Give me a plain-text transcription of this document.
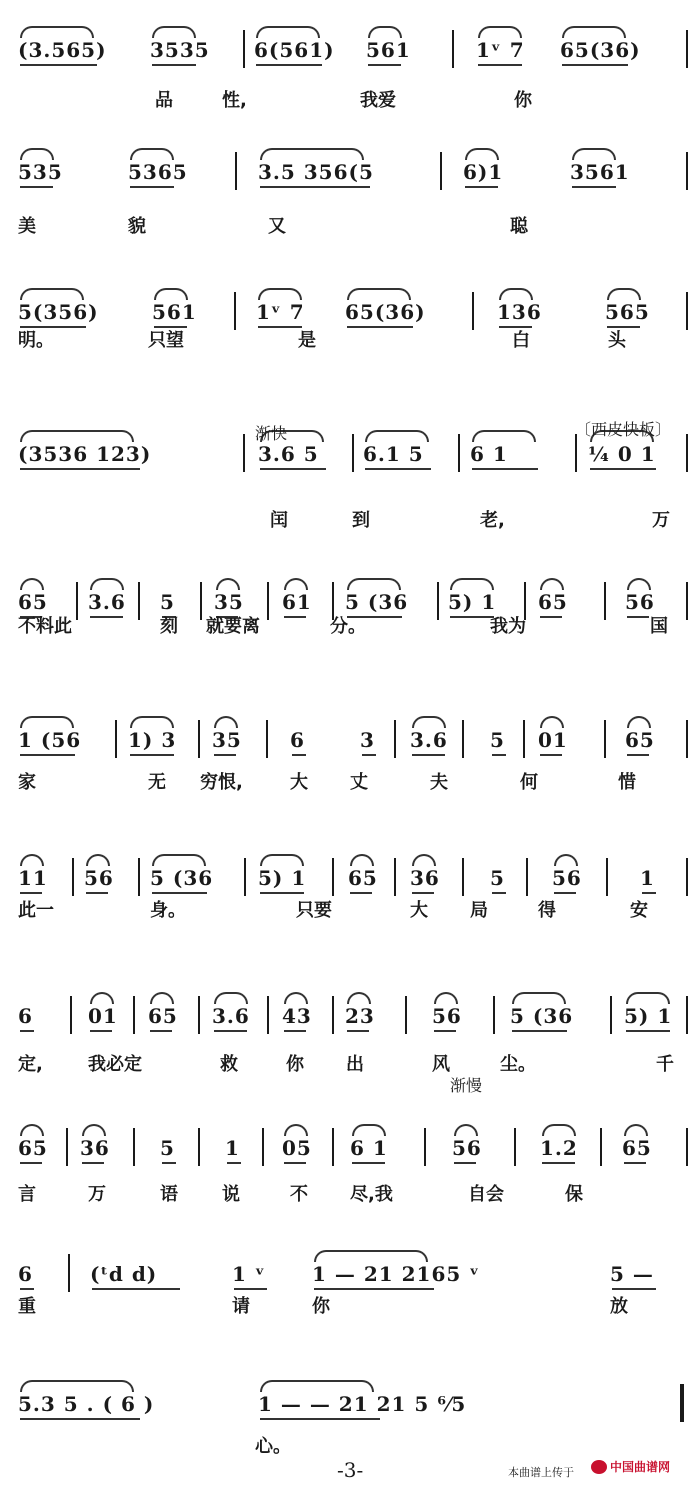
(3.565) 3535 6(561) 561	1ᵛ 7 65(36)
品	性,	我爱	你
535	5365	3.5 356(5	6)1	3561
美	貌	又	聪
5(356)	561	1ᵛ 7 65(36)	136	565
明。	只望	是	白	头
(3536 123)	3.6 5 6.1 5 6 1	¼ 0 1
闰	到	老,	万
65 3.6 5 35 61 5 (36 5) 1 65	56
不料此	刻 就要离	分。	我为	国
1 (56 1) 3 35 6	3 3.6 5 01	65
家	无 穷恨,	大 丈	夫	何	惜
11 56 5 (36 5) 1 65 36	5 56	1
此一	身。	只要	大 局	得	安
6	01 65 3.6 43 23	56 5 (36	5) 1
定,	我必定	救	你 出	风	尘。	千
65 36	5	1 05 6 1	56	1.2 65
言	万	语 说	不 尽,我	自会	保
6	(ᵗd d)	1 ᵛ 1 — 21 2165 ᵛ	5 —
重	请	你	放
5.3 5 . ( 6 )	1 — — 21 21 5 ⁶⁄5
心。
渐快	〔西皮快板〕
渐慢
-3-	本曲谱上传于	中国曲谱网
